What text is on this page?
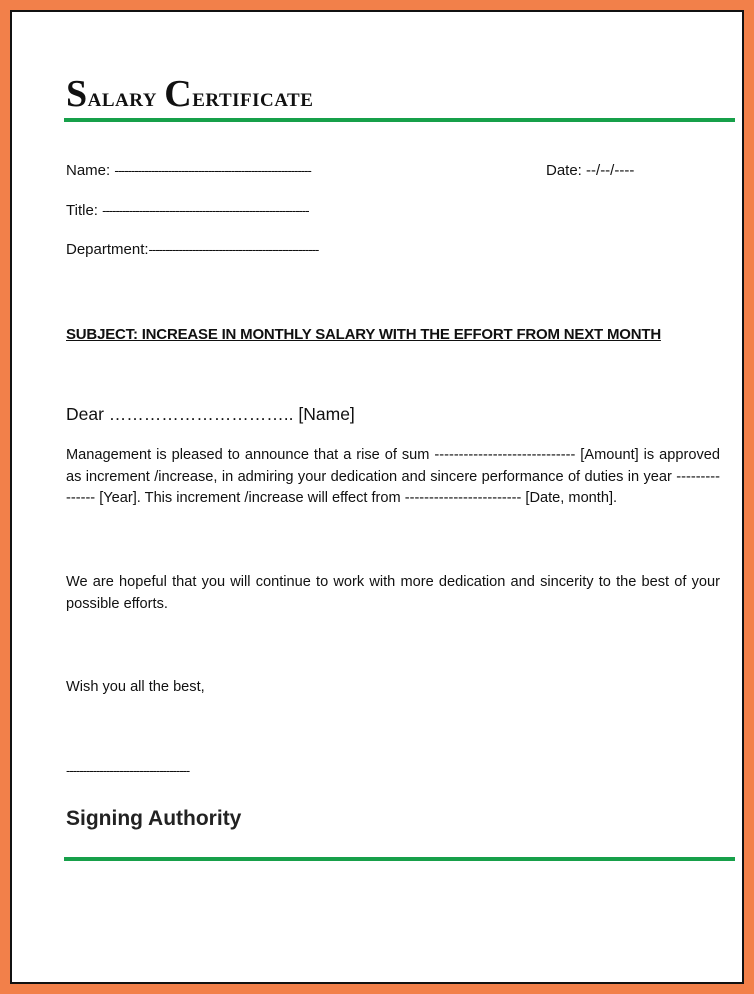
Salary Certificate
Name: -----------------------------------------------------------	Date: --/--/----
Title: --------------------------------------------------------------
Department:---------------------------------------------------
SUBJECT: INCREASE IN MONTHLY SALARY WITH THE EFFORT FROM NEXT MONTH
Dear ………………………….. [Name]
Management is pleased to announce that a rise of sum ----------------------------- [Amount] is approved as increment /increase, in admiring your dedication and sincere performance of duties in year --------------- [Year]. This increment /increase will effect from ------------------------ [Date, month].
We are hopeful that you will continue to work with more dedication and sincerity to the best of your possible efforts.
Wish you all the best,
-------------------------------------
Signing Authority
